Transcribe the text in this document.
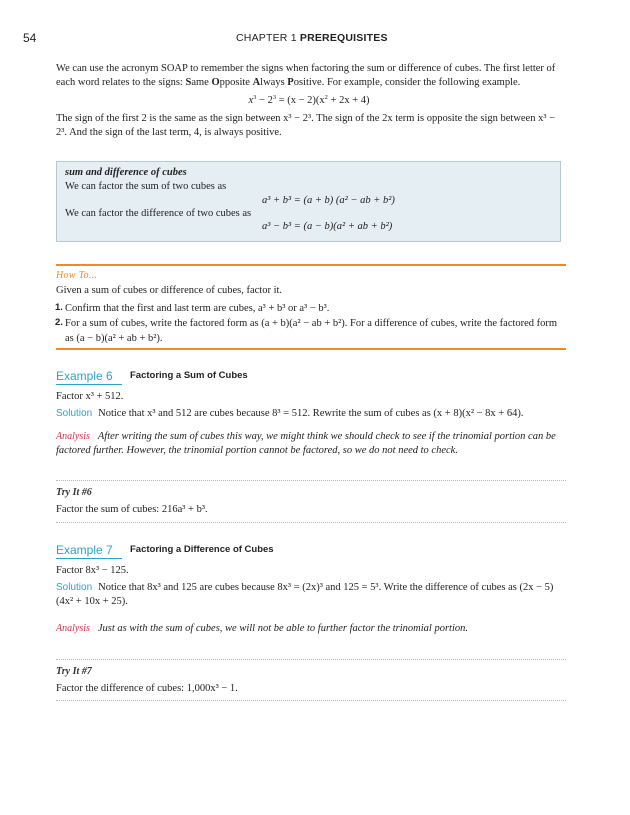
54	CHAPTER 1 PREREQUISITES
We can use the acronym SOAP to remember the signs when factoring the sum or difference of cubes. The first letter of each word relates to the signs: Same Opposite Always Positive. For example, consider the following example.
$x^3 - 2^3 = (x - 2)(x^2 + 2x + 4)$
The sign of the first 2 is the same as the sign between x³ − 2³. The sign of the 2x term is opposite the sign between x³ − 2³. And the sign of the last term, 4, is always positive.
sum and difference of cubes
We can factor the sum of two cubes as
a³ + b³ = (a + b) (a² − ab + b²)
We can factor the difference of two cubes as
a³ − b³ = (a − b)(a² + ab + b²)
How To...
Given a sum of cubes or difference of cubes, factor it.
1. Confirm that the first and last term are cubes, a³ + b³ or a³ − b³.
2. For a sum of cubes, write the factored form as (a + b)(a² − ab + b²). For a difference of cubes, write the factored form as (a − b)(a² + ab + b²).
Example 6 Factoring a Sum of Cubes
Factor x³ + 512.
Solution Notice that x³ and 512 are cubes because 8³ = 512. Rewrite the sum of cubes as (x + 8)(x² − 8x + 64).
Analysis After writing the sum of cubes this way, we might think we should check to see if the trinomial portion can be factored further. However, the trinomial portion cannot be factored, so we do not need to check.
Try It #6
Factor the sum of cubes: 216a³ + b³.
Example 7 Factoring a Difference of Cubes
Factor 8x³ − 125.
Solution Notice that 8x³ and 125 are cubes because 8x³ = (2x)³ and 125 = 5³. Write the difference of cubes as (2x − 5)(4x² + 10x + 25).
Analysis Just as with the sum of cubes, we will not be able to further factor the trinomial portion.
Try It #7
Factor the difference of cubes: 1,000x³ − 1.
